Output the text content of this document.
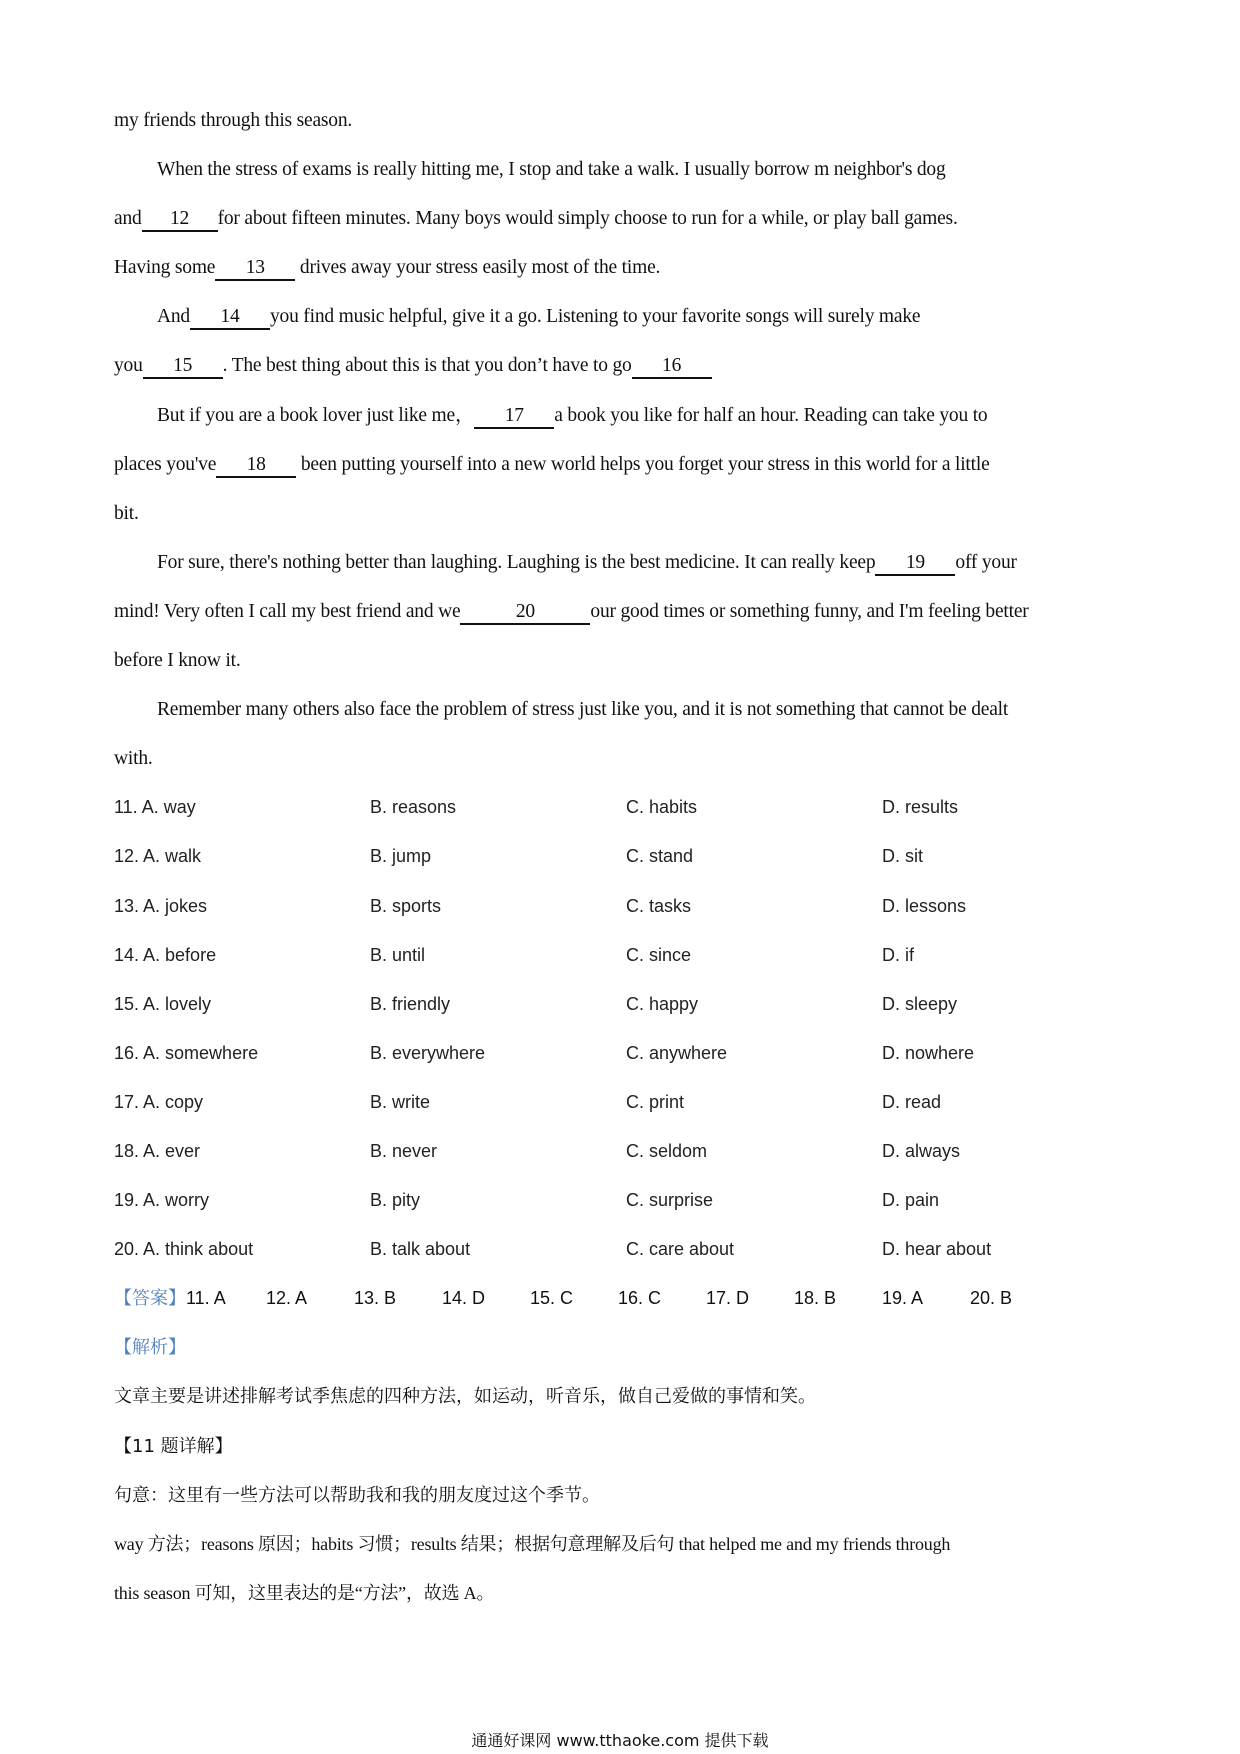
my friends through this season.
When the stress of exams is really hitting me, I stop and take a walk. I usually borrow m neighbor's dog
and 12 for about fifteen minutes. Many boys would simply choose to run for a while, or play ball games.
Having some 13 drives away your stress easily most of the time.
And 14 you find music helpful, give it a go. Listening to your favorite songs will surely make
you 15 . The best thing about this is that you don’t have to go 16
But if you are a book lover just like me， 17 a book you like for half an hour. Reading can take you to
places you've 18 been putting yourself into a new world helps you forget your stress in this world for a little
bit.
For sure, there's nothing better than laughing. Laughing is the best medicine. It can really keep 19 off your
mind! Very often I call my best friend and we	20	our good times or something funny, and I'm feeling better
before I know it.
Remember many others also face the problem of stress just like you, and it is not something that cannot be dealt
with.
11. A. way	B. reasons	C. habits	D. results
12. A. walk	B. jump	C. stand	D. sit
13. A. jokes	B. sports	C. tasks	D. lessons
14. A. before	B. until	C. since	D. if
15. A. lovely	B. friendly	C. happy	D. sleepy
16. A. somewhere	B. everywhere	C. anywhere	D. nowhere
17. A. copy	B. write	C. print	D. read
18. A. ever	B. never	C. seldom	D. always
19. A. worry	B. pity	C. surprise	D. pain
20. A. think about	B. talk about	C. care about	D. hear about
【答案】 11. A	12. A	13. B	14. D	15. C	16. C	17. D	18. B	19. A	20. B
【解析】
文章主要是讲述排解考试季焦虑的四种方法，如运动，听音乐，做自己爱做的事情和笑。
【11 题详解】
句意：这里有一些方法可以帮助我和我的朋友度过这个季节。
way 方法；reasons 原因；habits 习惯；results 结果；根据句意理解及后句 that helped me and my friends through
this season 可知，这里表达的是“方法”，故选 A。
通通好课网 www.tthaoke.com 提供下载
